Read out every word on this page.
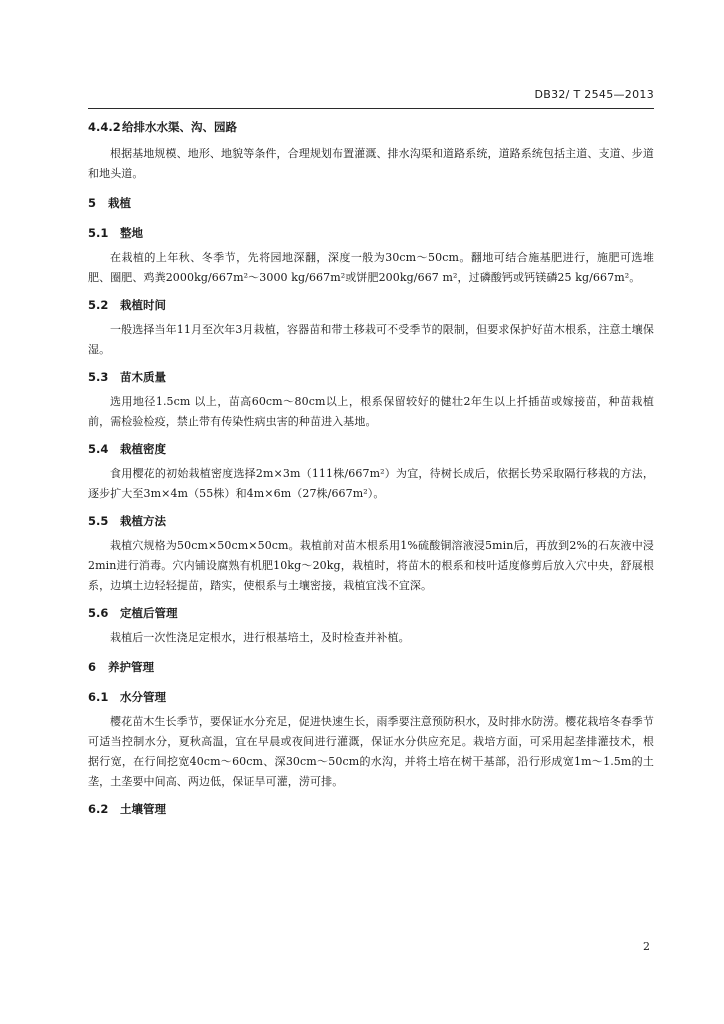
DB32/ T 2545—2013
4.4.2给排水水渠、沟、园路

根据基地规模、地形、地貌等条件，合理规划布置灌溉、排水沟渠和道路系统，道路系统包括主道、支道、步道和地头道。

5 栽植
5.1 整地

在栽植的上年秋、冬季节，先将园地深翻，深度一般为30cm～50cm。翻地可结合施基肥进行，施肥可选堆肥、圈肥、鸡粪2000kg/667m²～3000 kg/667m²或饼肥200kg/667 m²，过磷酸钙或钙镁磷25 kg/667m²。

5.2 栽植时间

一般选择当年11月至次年3月栽植，容器苗和带土移栽可不受季节的限制，但要求保护好苗木根系，注意土壤保湿。

5.3 苗木质量

选用地径1.5cm 以上，苗高60cm～80cm以上，根系保留较好的健壮2年生以上扦插苗或嫁接苗，种苗栽植前，需检验检疫，禁止带有传染性病虫害的种苗进入基地。

5.4 栽植密度

食用樱花的初始栽植密度选择2m×3m（111株/667m²）为宜，待树长成后，依据长势采取隔行移栽的方法，逐步扩大至3m×4m（55株）和4m×6m（27株/667m²）。

5.5 栽植方法

栽植穴规格为50cm×50cm×50cm。栽植前对苗木根系用1%硫酸铜溶液浸5min后，再放到2%的石灰液中浸2min进行消毒。穴内铺设腐熟有机肥10kg～20kg，栽植时，将苗木的根系和枝叶适度修剪后放入穴中央，舒展根系，边填土边轻轻提苗，踏实，使根系与土壤密接，栽植宜浅不宜深。

5.6 定植后管理

栽植后一次性浇足定根水，进行根基培土，及时检查并补植。

6 养护管理
6.1 水分管理

樱花苗木生长季节，要保证水分充足，促进快速生长，雨季要注意预防积水，及时排水防涝。樱花栽培冬春季节可适当控制水分，夏秋高温，宜在早晨或夜间进行灌溉，保证水分供应充足。栽培方面，可采用起垄排灌技术，根据行宽，在行间挖宽40cm～60cm、深30cm～50cm的水沟，并将土培在树干基部，沿行形成宽1m～1.5m的土垄，土垄要中间高、两边低，保证旱可灌，涝可排。

6.2 土壤管理
2
